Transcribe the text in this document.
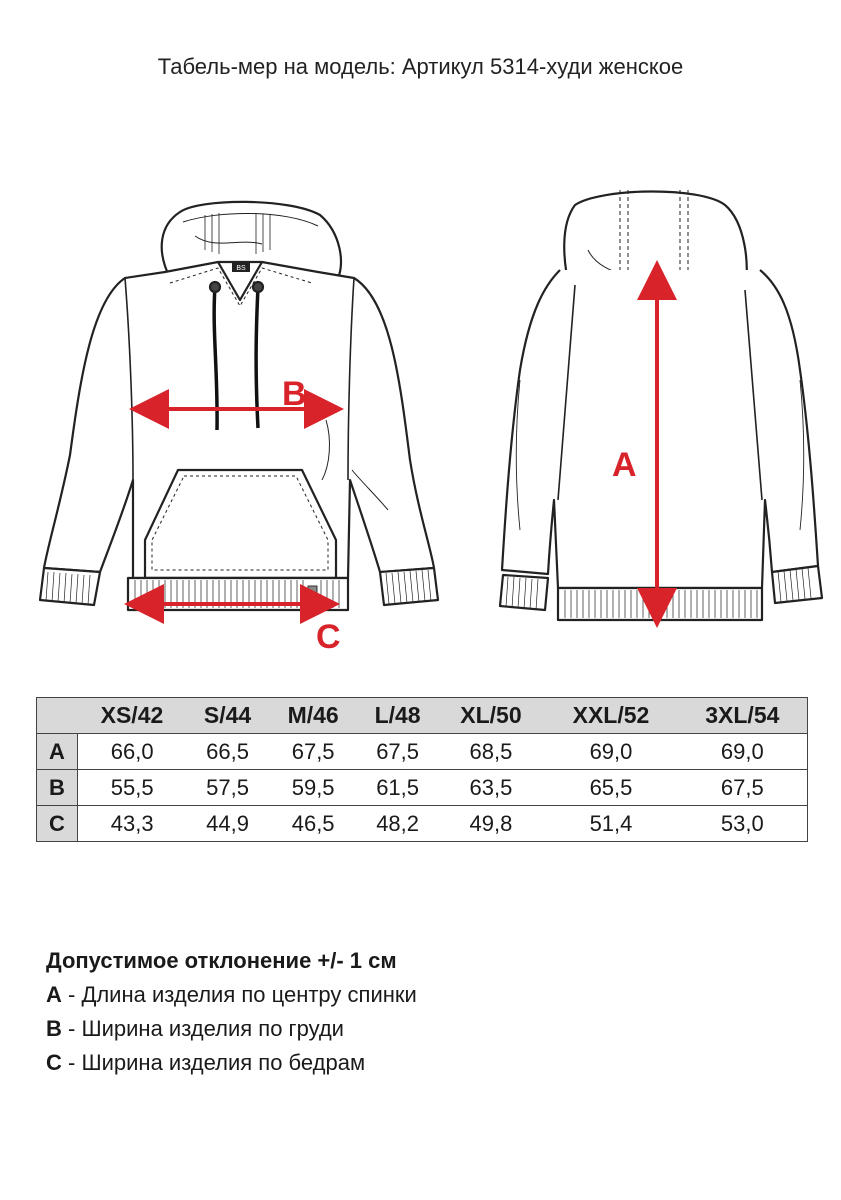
Табель-мер на модель: Артикул 5314-худи женское
BS
B
C
A
	XS/42	S/44	M/46	L/48	XL/50	XXL/52	3XL/54
A	66,0	66,5	67,5	67,5	68,5	69,0	69,0
B	55,5	57,5	59,5	61,5	63,5	65,5	67,5
C	43,3	44,9	46,5	48,2	49,8	51,4	53,0
Допустимое отклонение +/- 1 см
A - Длина изделия по центру спинки
B - Ширина изделия по груди
C - Ширина изделия по бедрам
